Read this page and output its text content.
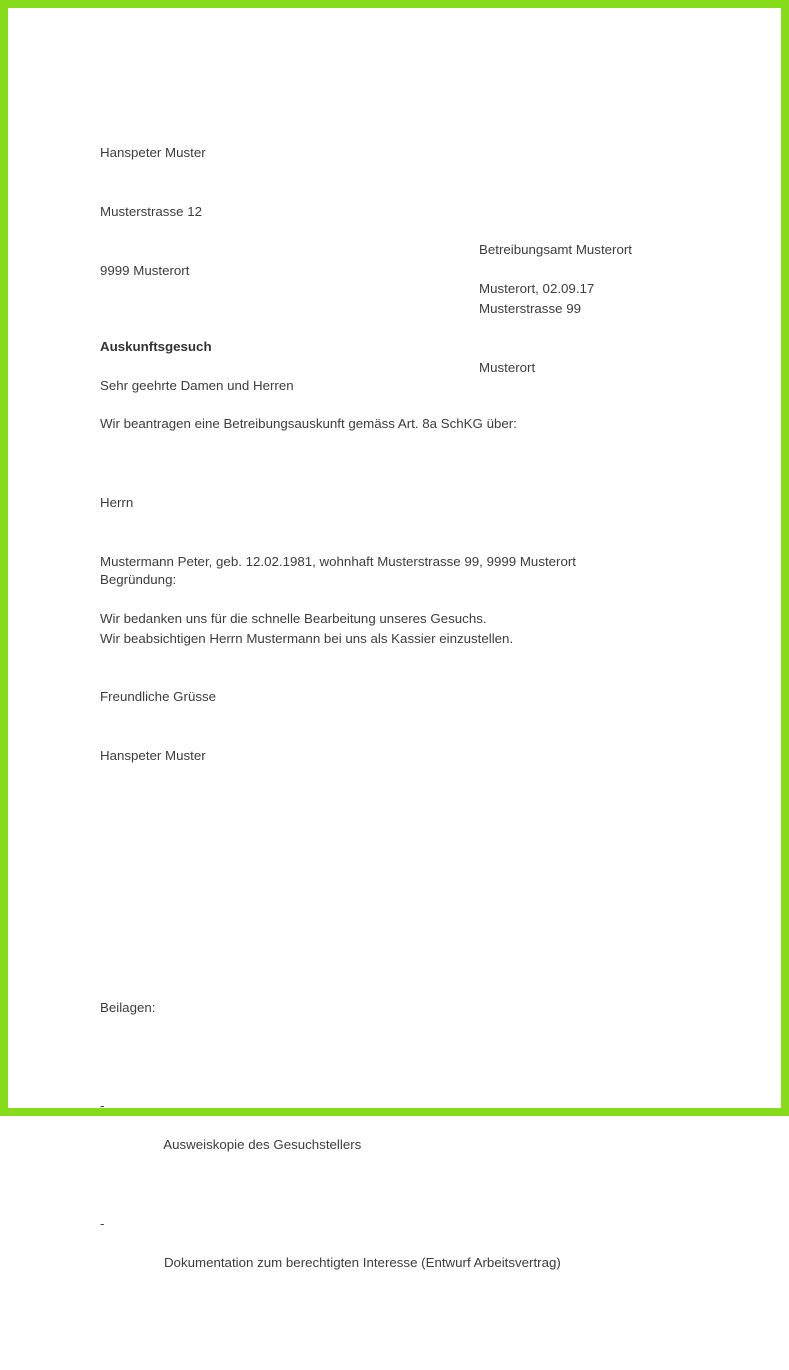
Hanspeter Muster

Musterstrasse 12

9999 Musterort

Betreibungsamt Musterort

Musterstrasse 99

Musterort

Musterort, 02.09.17
Auskunftsgesuch
Sehr geehrte Damen und Herren
Wir beantragen eine Betreibungsauskunft gemäss Art. 8a SchKG über:

Herrn

Mustermann Peter, geb. 12.02.1981, wohnhaft Musterstrasse 99, 9999 Musterort

Begründung:

Wir beabsichtigen Herrn Mustermann bei uns als Kassier einzustellen.

Wir bedanken uns für die schnelle Bearbeitung unseres Gesuchs.
Freundliche Grüsse
Hanspeter Muster

Beilagen:

-

Ausweiskopie des Gesuchstellers

-

Dokumentation zum berechtigten Interesse (Entwurf Arbeitsvertrag)
